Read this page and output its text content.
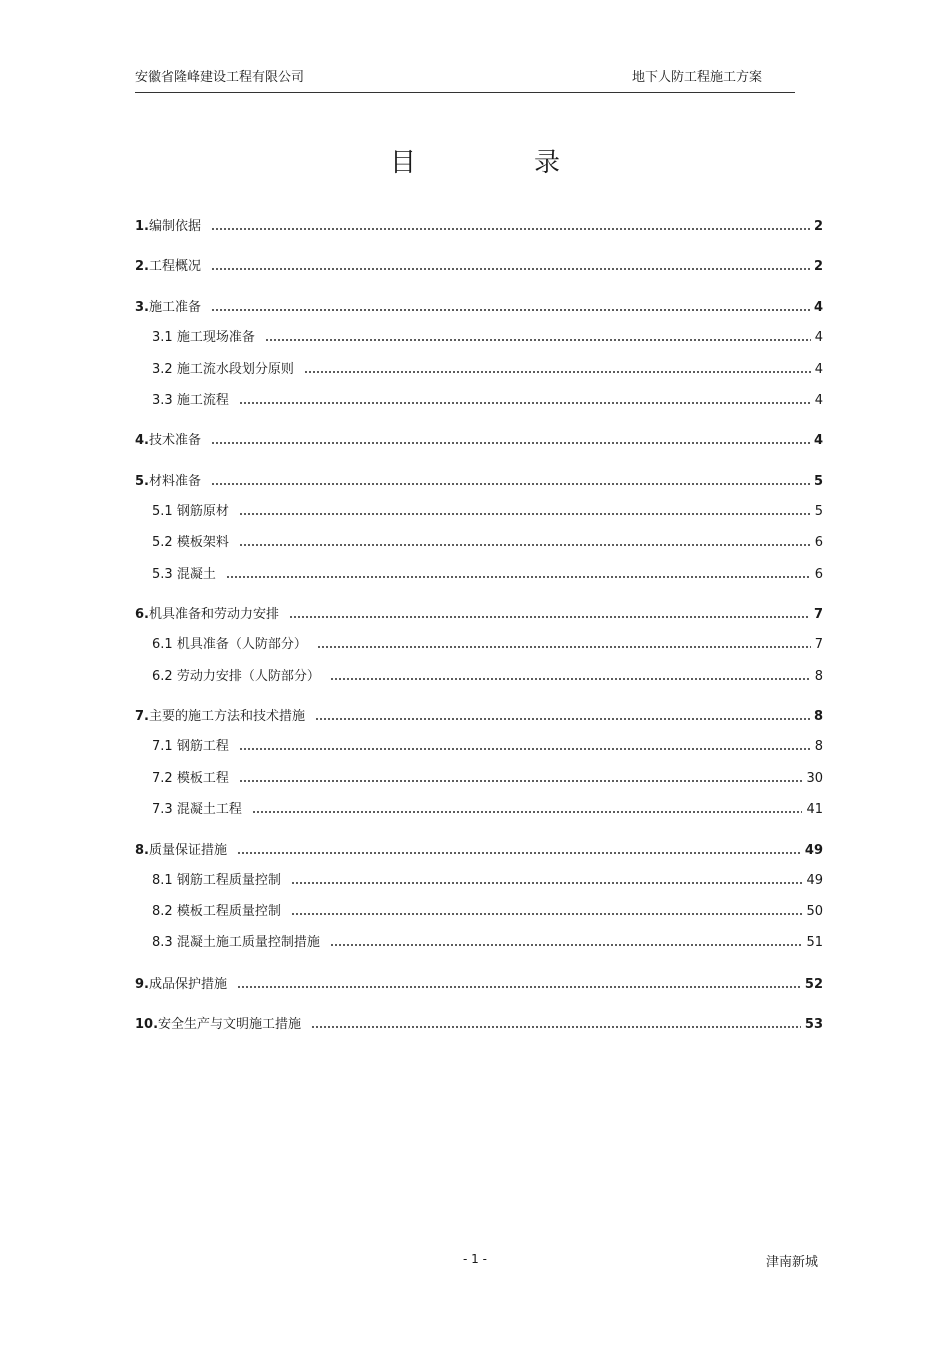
安徽省隆峰建设工程有限公司	地下人防工程施工方案
目	录
1.编制依据	2
2.工程概况	2
3.施工准备	4
3.1 施工现场准备	4
3.2 施工流水段划分原则	4
3.3 施工流程	4
4.技术准备	4
5.材料准备	5
5.1 钢筋原材	5
5.2 模板架料	6
5.3 混凝土	6
6.机具准备和劳动力安排	7
6.1 机具准备（人防部分）	7
6.2 劳动力安排（人防部分）	8
7.主要的施工方法和技术措施	8
7.1 钢筋工程	8
7.2 模板工程	30
7.3 混凝土工程	41
8.质量保证措施	49
8.1 钢筋工程质量控制	49
8.2 模板工程质量控制	50
8.3 混凝土施工质量控制措施	51
9.成品保护措施	52
10.安全生产与文明施工措施	53
- 1 -	津南新城
